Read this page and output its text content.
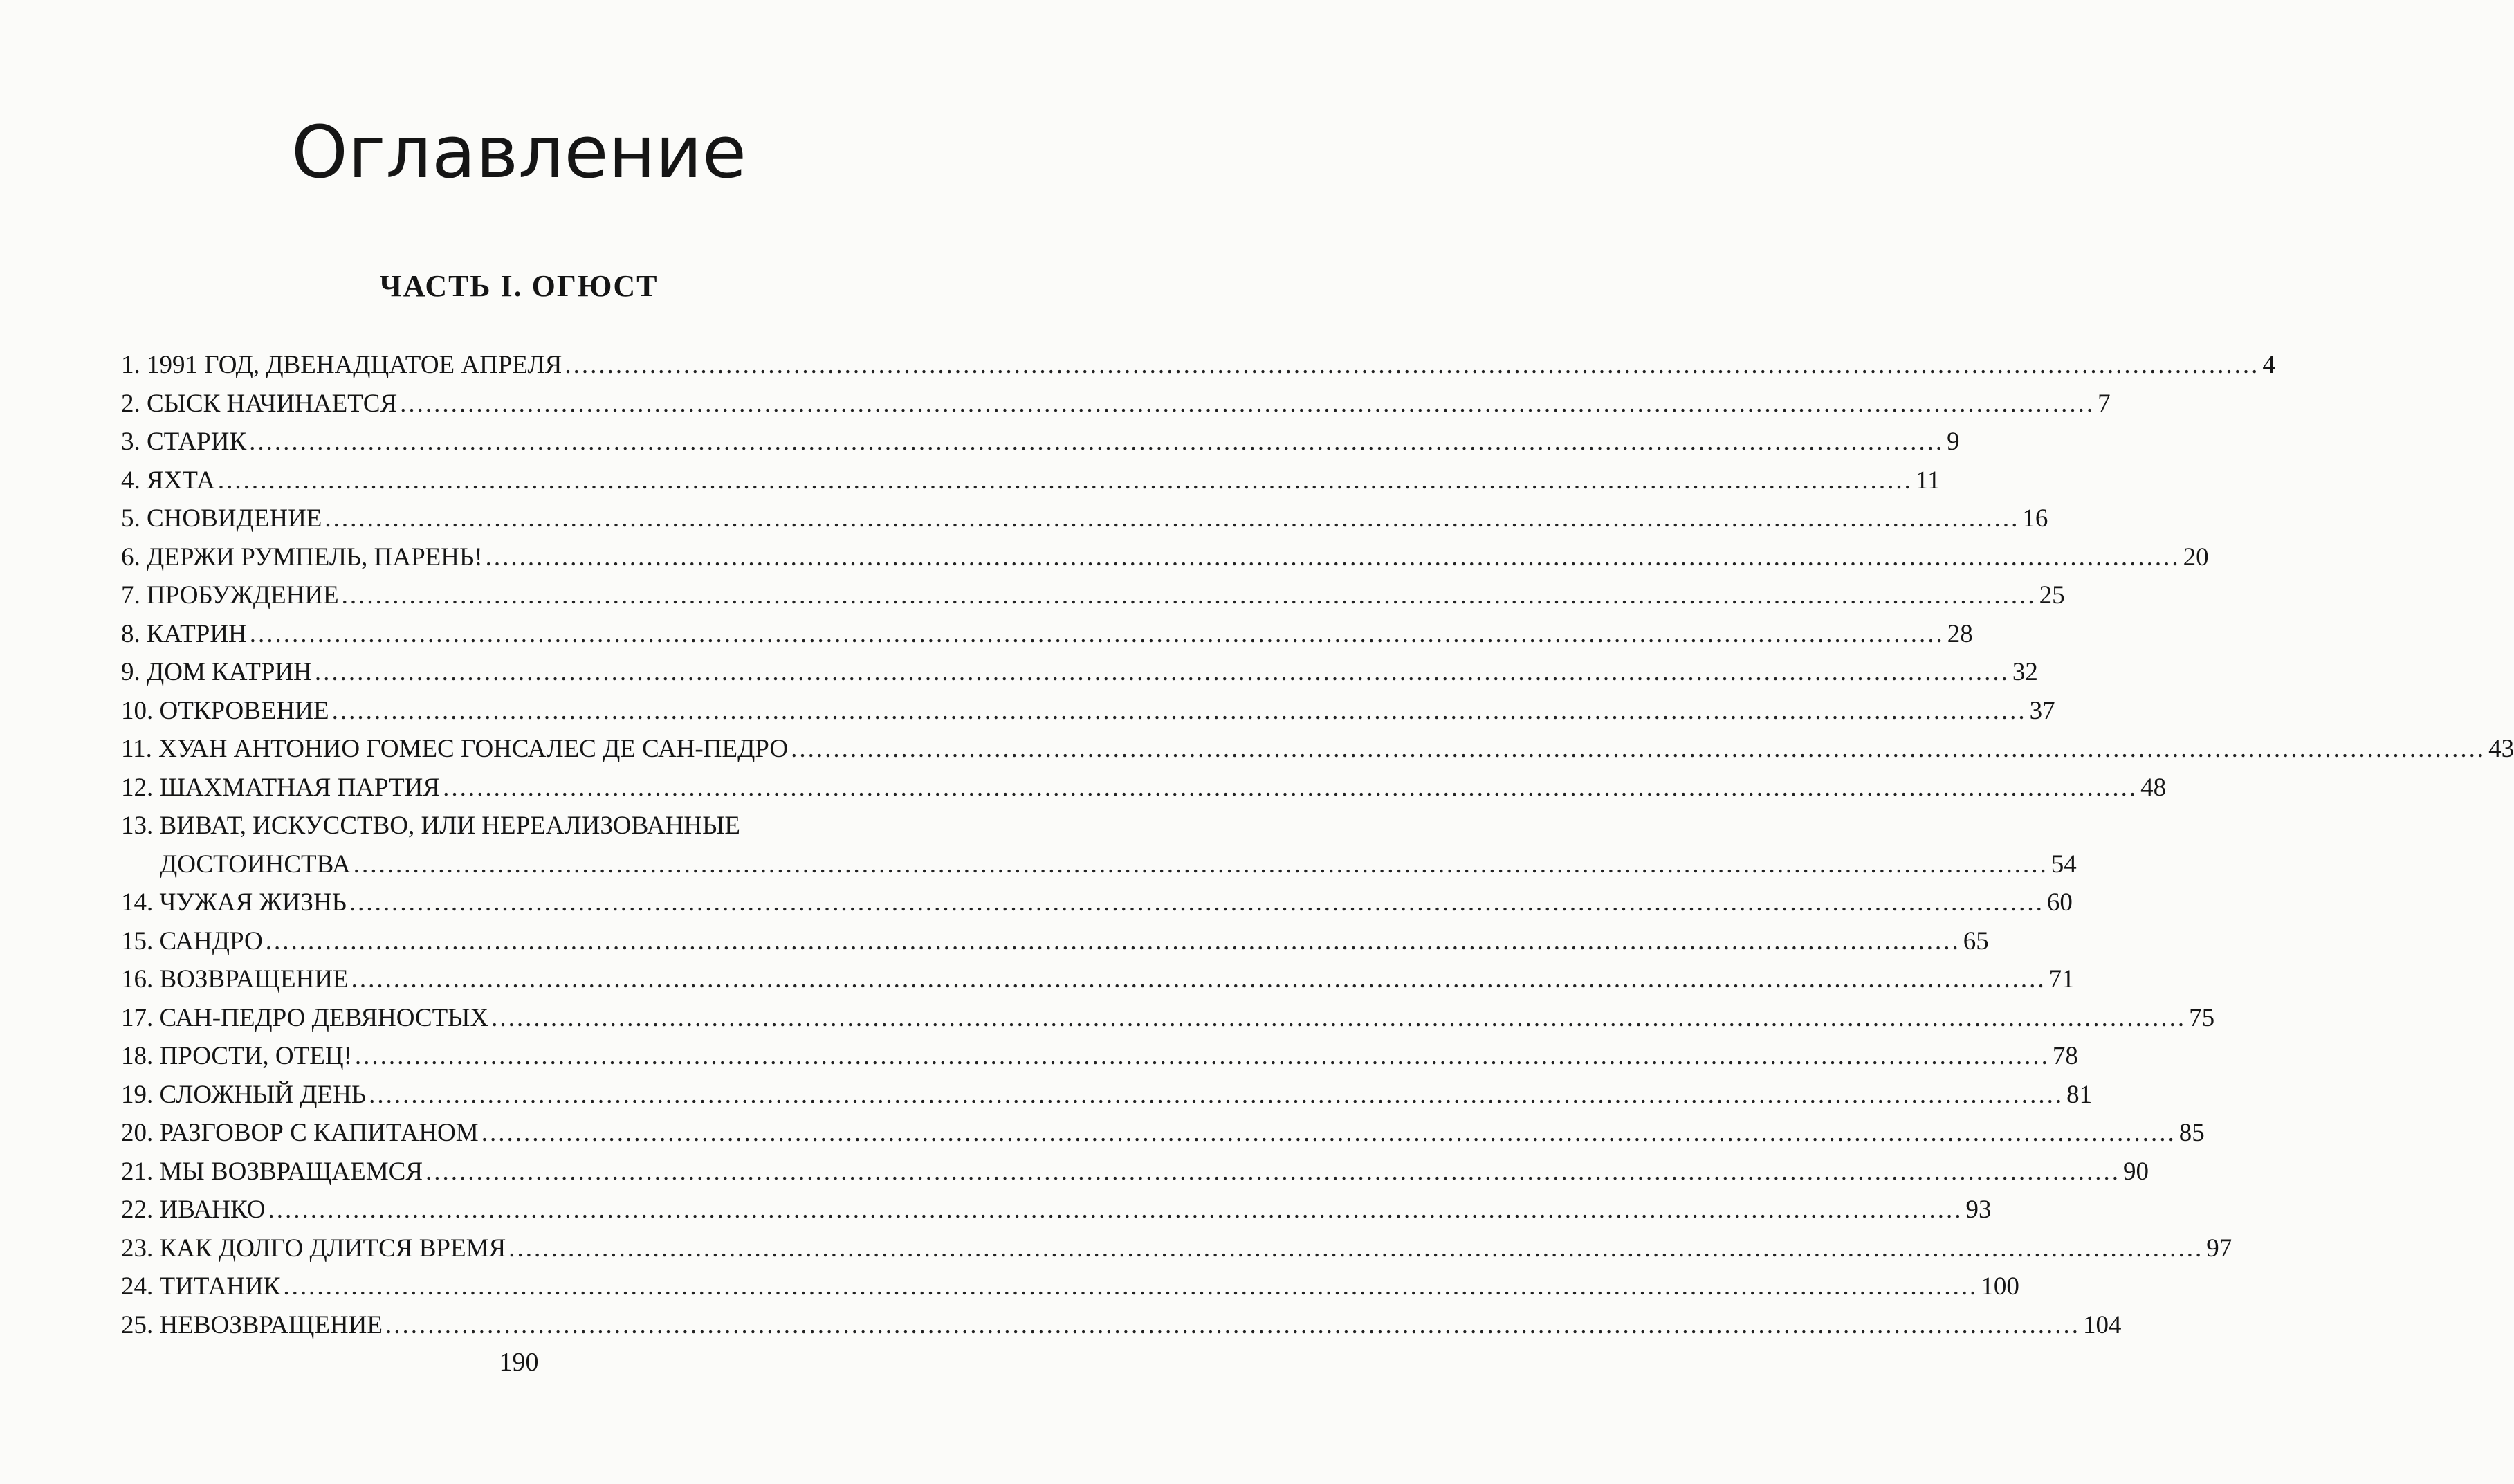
Оглавление
ЧАСТЬ I. ОГЮСТ
1. 1991 ГОД, ДВЕНАДЦАТОЕ АПРЕЛЯ ........................................................................................................................................................................................................ 4
2. СЫСК НАЧИНАЕТСЯ ........................................................................................................................................................................................................ 7
3. СТАРИК ........................................................................................................................................................................................................ 9
4. ЯХТА ........................................................................................................................................................................................................ 11
5. СНОВИДЕНИЕ ........................................................................................................................................................................................................ 16
6. ДЕРЖИ РУМПЕЛЬ, ПАРЕНЬ! ........................................................................................................................................................................................................ 20
7. ПРОБУЖДЕНИЕ ........................................................................................................................................................................................................ 25
8. КАТРИН ........................................................................................................................................................................................................ 28
9. ДОМ КАТРИН ........................................................................................................................................................................................................ 32
10. ОТКРОВЕНИЕ ........................................................................................................................................................................................................ 37
11. ХУАН АНТОНИО ГОМЕС ГОНСАЛЕС ДЕ САН-ПЕДРО ........................................................................................................................................................................................................ 43
12. ШАХМАТНАЯ ПАРТИЯ ........................................................................................................................................................................................................ 48
13. ВИВАТ, ИСКУССТВО, ИЛИ НЕРЕАЛИЗОВАННЫЕ
ДОСТОИНСТВА ........................................................................................................................................................................................................ 54
14. ЧУЖАЯ ЖИЗНЬ ........................................................................................................................................................................................................ 60
15. САНДРО ........................................................................................................................................................................................................ 65
16. ВОЗВРАЩЕНИЕ ........................................................................................................................................................................................................ 71
17. САН-ПЕДРО ДЕВЯНОСТЫХ ........................................................................................................................................................................................................ 75
18. ПРОСТИ, ОТЕЦ! ........................................................................................................................................................................................................ 78
19. СЛОЖНЫЙ ДЕНЬ ........................................................................................................................................................................................................ 81
20. РАЗГОВОР С КАПИТАНОМ ........................................................................................................................................................................................................ 85
21. МЫ ВОЗВРАЩАЕМСЯ ........................................................................................................................................................................................................ 90
22. ИВАНКО ........................................................................................................................................................................................................ 93
23. КАК ДОЛГО ДЛИТСЯ ВРЕМЯ ........................................................................................................................................................................................................ 97
24. ТИТАНИК ........................................................................................................................................................................................................ 100
25. НЕВОЗВРАЩЕНИЕ ........................................................................................................................................................................................................ 104
190
